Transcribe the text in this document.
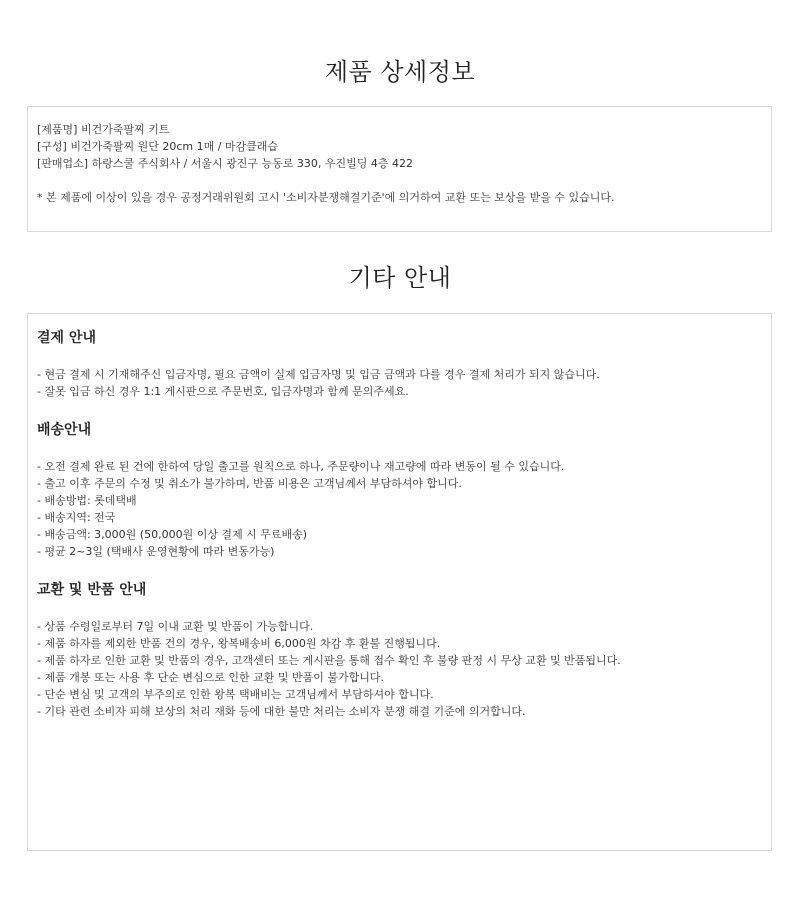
제품 상세정보

[제품명] 비건가죽팔찌 키트

[구성] 비건가죽팔찌 원단 20cm 1매 / 마감클래습

[판매업소] 하랑스쿨 주식회사 / 서울시 광진구 능동로 330, 우진빌딩 4층 422

* 본 제품에 이상이 있을 경우 공정거래위원회 고시 '소비자분쟁해결기준'에 의거하여 교환 또는 보상을 받을 수 있습니다.

기타 안내

결제 안내

- 현금 결제 시 기재해주신 입금자명, 필요 금액이 실제 입금자명 및 입금 금액과 다를 경우 결제 처리가 되지 않습니다.

- 잘못 입금 하신 경우 1:1 게시판으로 주문번호, 입금자명과 함께 문의주세요.

배송안내

- 오전 결제 완료 된 건에 한하여 당일 출고를 원칙으로 하나, 주문량이나 재고량에 따라 변동이 될 수 있습니다.

- 출고 이후 주문의 수정 및 취소가 불가하며, 반품 비용은 고객님께서 부담하셔야 합니다.

- 배송방법: 롯데택배

- 배송지역: 전국

- 배송금액: 3,000원 (50,000원 이상 결제 시 무료배송)

- 평균 2~3일 (택배사 운영현황에 따라 변동가능)

교환 및 반품 안내

- 상품 수령일로부터 7일 이내 교환 및 반품이 가능합니다.

- 제품 하자를 제외한 반품 건의 경우, 왕복배송비 6,000원 차감 후 환불 진행됩니다.

- 제품 하자로 인한 교환 및 반품의 경우, 고객센터 또는 게시판을 통해 접수 확인 후 불량 판정 시 무상 교환 및 반품됩니다.

- 제품 개봉 또는 사용 후 단순 변심으로 인한 교환 및 반품이 불가합니다.

- 단순 변심 및 고객의 부주의로 인한 왕복 택배비는 고객님께서 부담하셔야 합니다.

- 기타 관련 소비자 피해 보상의 처리 재화 등에 대한 불만 처리는 소비자 분쟁 해결 기준에 의거합니다.
